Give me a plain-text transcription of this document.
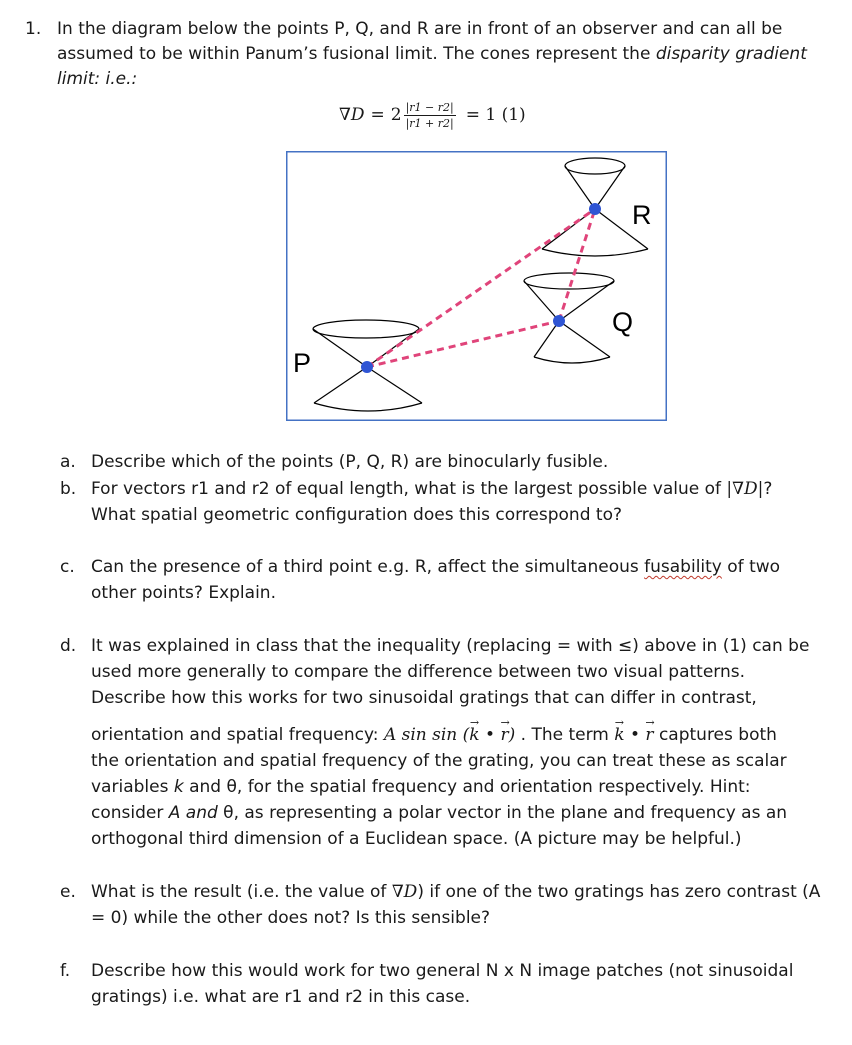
1. In the diagram below the points P, Q, and R are in front of an observer and can all be
assumed to be within Panum’s fusional limit. The cones represent the disparity gradient
limit: i.e.:
$\nabla D = 2 \frac{|r1 - r2|}{|r1 + r2|} = 1$ (1)
R
Q
P
a. Describe which of the points (P, Q, R) are binocularly fusible.
b. For vectors r1 and r2 of equal length, what is the largest possible value of |∇D|?
What spatial geometric configuration does this correspond to?
c. Can the presence of a third point e.g. R, affect the simultaneous fusability of two
other points? Explain.
d. It was explained in class that the inequality (replacing = with ≤) above in (1) can be
used more generally to compare the difference between two visual patterns.
Describe how this works for two sinusoidal gratings that can differ in contrast,
orientation and spatial frequency: A sin sin (→ k • → r) . The term → k • → r captures both
the orientation and spatial frequency of the grating, you can treat these as scalar
variables k and θ, for the spatial frequency and orientation respectively. Hint:
consider A and θ, as representing a polar vector in the plane and frequency as an
orthogonal third dimension of a Euclidean space. (A picture may be helpful.)
e. What is the result (i.e. the value of ∇D) if one of the two gratings has zero contrast (A
= 0) while the other does not? Is this sensible?
f. Describe how this would work for two general N x N image patches (not sinusoidal
gratings) i.e. what are r1 and r2 in this case.
